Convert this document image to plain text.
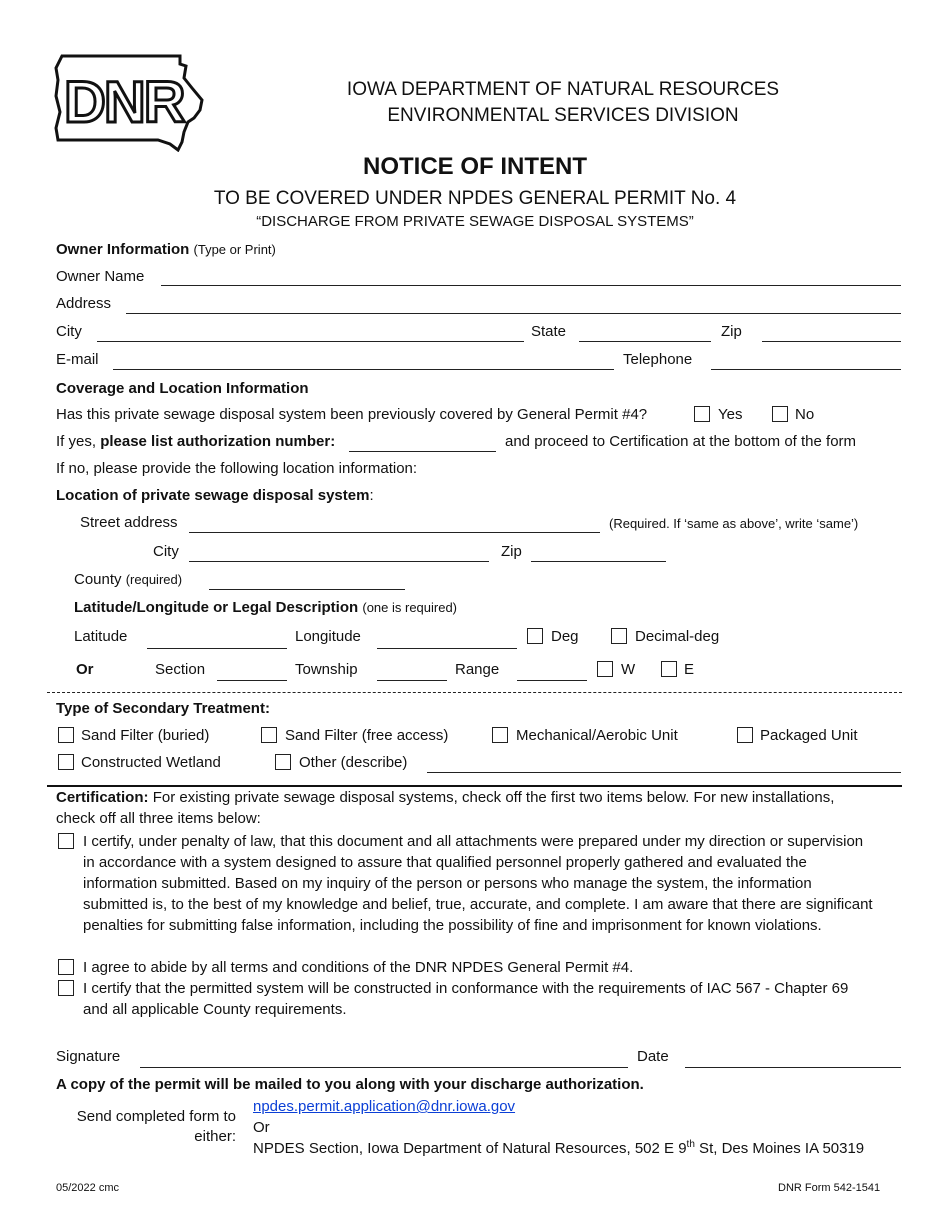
DNR	IOWA DEPARTMENT OF NATURAL RESOURCES
ENVIRONMENTAL SERVICES DIVISION
NOTICE OF INTENT
TO BE COVERED UNDER NPDES GENERAL PERMIT No. 4
“DISCHARGE FROM PRIVATE SEWAGE DISPOSAL SYSTEMS”
Owner Information (Type or Print)
Owner Name
Address
City	State	Zip
E-mail	Telephone
Coverage and Location Information
Has this private sewage disposal system been previously covered by General Permit #4?	Yes	No
If yes, please list authorization number:	and proceed to Certification at the bottom of the form
If no, please provide the following location information:
Location of private sewage disposal system:
Street address	(Required. If ‘same as above’, write ‘same’)
City	Zip
County (required)
Latitude/Longitude or Legal Description (one is required)
Latitude	Longitude	Deg	Decimal-deg
Or	Section	Township	Range	W	E
Type of Secondary Treatment:
Sand Filter (buried)	Sand Filter (free access)	Mechanical/Aerobic Unit	Packaged Unit
Constructed Wetland	Other (describe)
Certification: For existing private sewage disposal systems, check off the first two items below. For new installations,
check off all three items below:
I certify, under penalty of law, that this document and all attachments were prepared under my direction or supervision in accordance with a system designed to assure that qualified personnel properly gathered and evaluated the information submitted. Based on my inquiry of the person or persons who manage the system, the information submitted is, to the best of my knowledge and belief, true, accurate, and complete. I am aware that there are significant penalties for submitting false information, including the possibility of fine and imprisonment for known violations.
I agree to abide by all terms and conditions of the DNR NPDES General Permit #4.
I certify that the permitted system will be constructed in conformance with the requirements of IAC 567 - Chapter 69 and all applicable County requirements.
Signature	Date
A copy of the permit will be mailed to you along with your discharge authorization.
Send completed form to
either:
npdes.permit.application@dnr.iowa.gov
Or
NPDES Section, Iowa Department of Natural Resources, 502 E 9th St, Des Moines IA 50319
05/2022 cmc	DNR Form 542-1541
